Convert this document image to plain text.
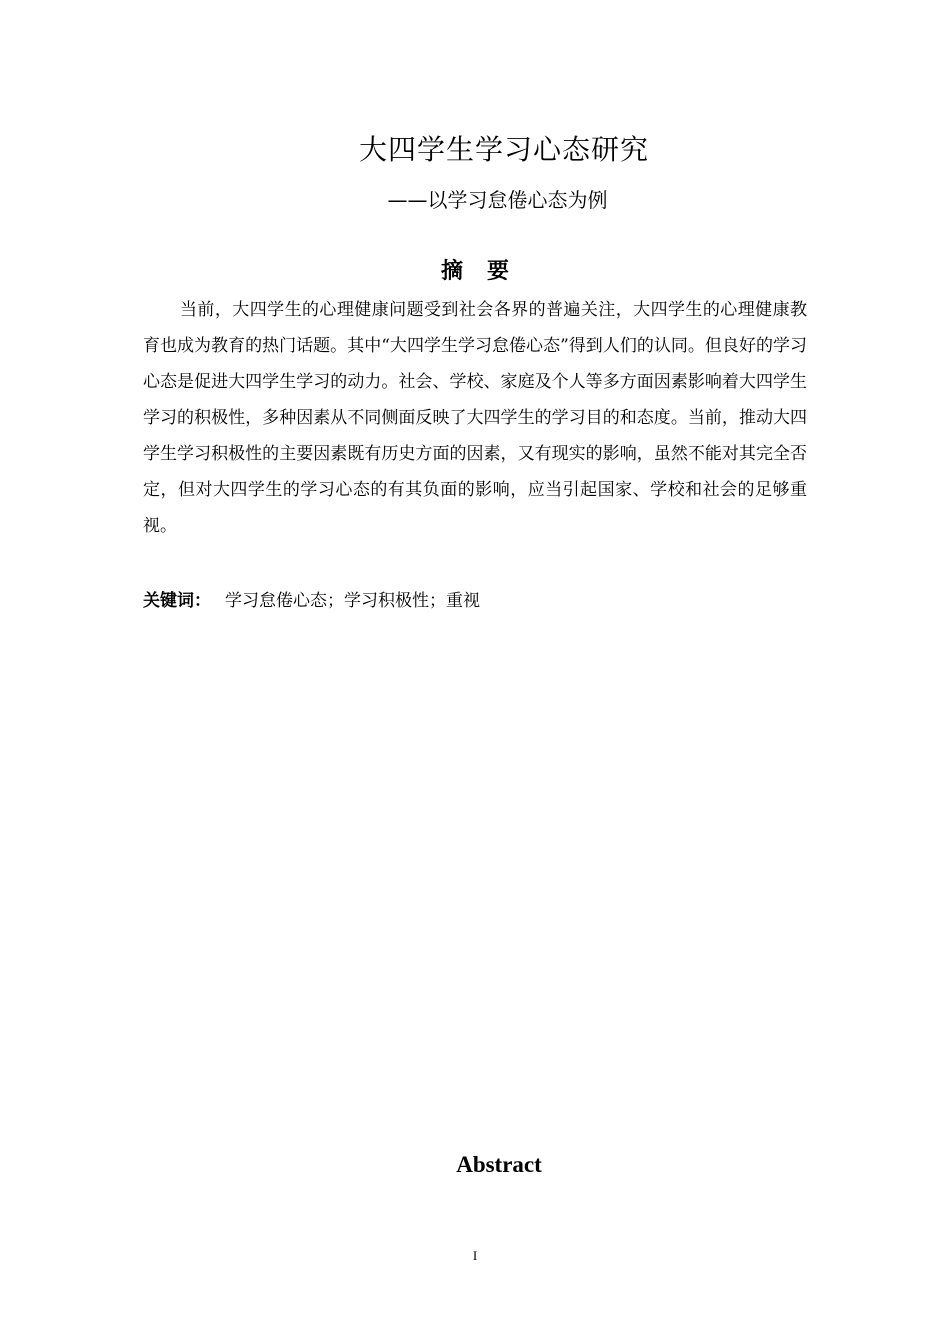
大四学生学习心态研究
——以学习怠倦心态为例
摘要

当前，大四学生的心理健康问题受到社会各界的普遍关注，大四学生的心理健康教育也成为教育的热门话题。其中“大四学生学习怠倦心态”得到人们的认同。但良好的学习心态是促进大四学生学习的动力。社会、学校、家庭及个人等多方面因素影响着大四学生学习的积极性，多种因素从不同侧面反映了大四学生的学习目的和态度。当前，推动大四学生学习积极性的主要因素既有历史方面的因素，又有现实的影响，虽然不能对其完全否定，但对大四学生的学习心态的有其负面的影响，应当引起国家、学校和社会的足够重视。

关键词： 学习怠倦心态；学习积极性；重视
Abstract
I
